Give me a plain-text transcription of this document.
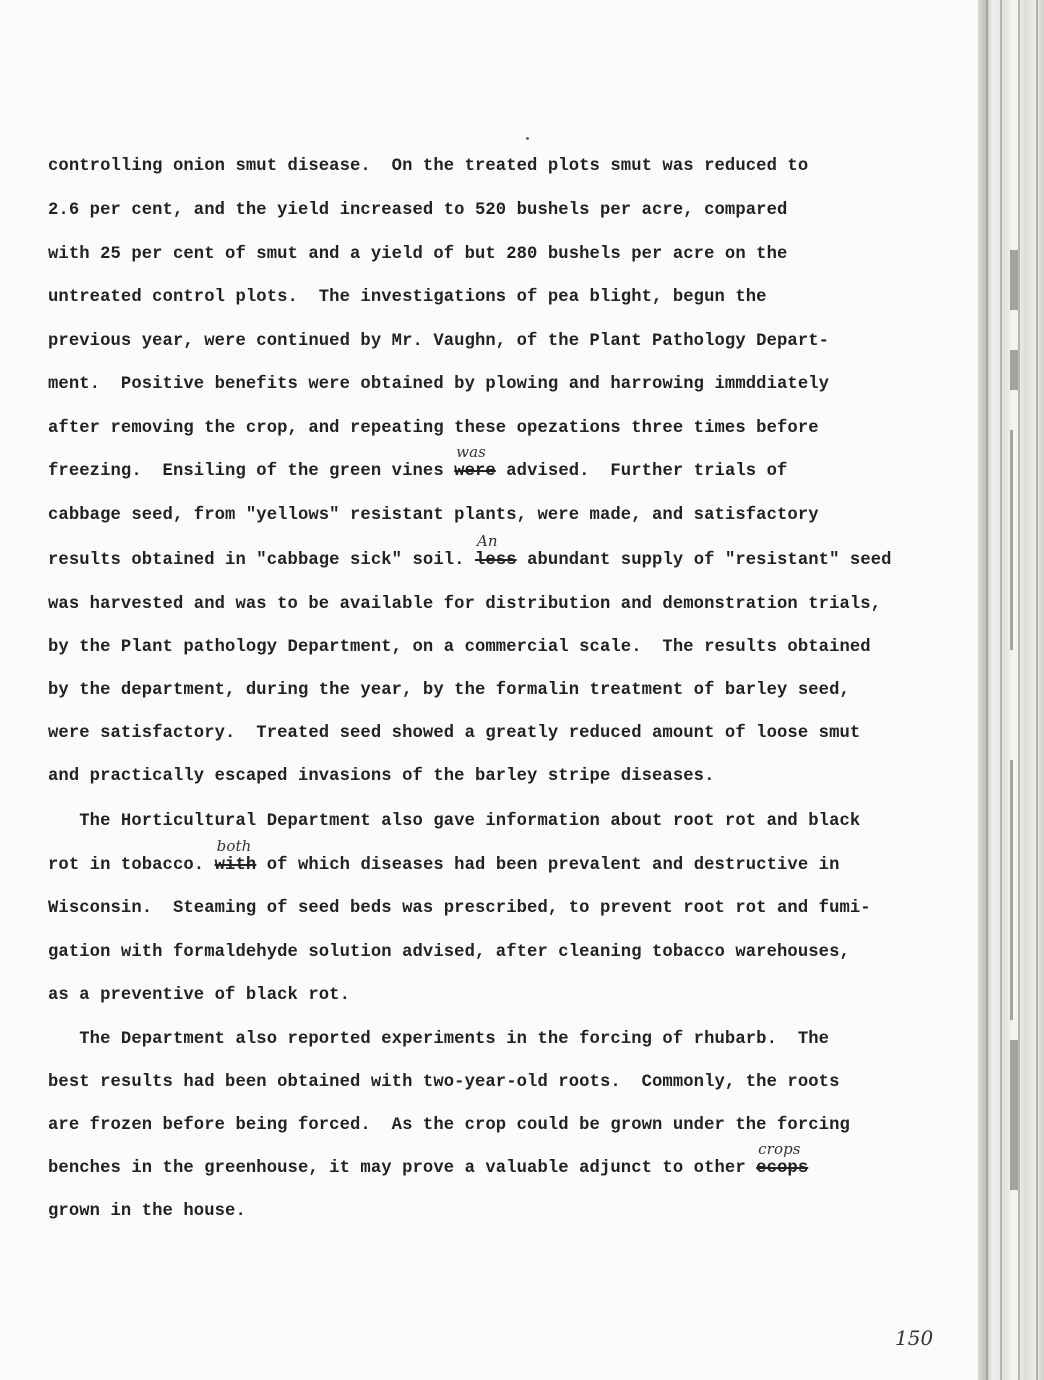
controlling onion smut disease.  On the treated plots smut was reduced to
2.6 per cent, and the yield increased to 520 bushels per acre, compared
with 25 per cent of smut and a yield of but 280 bushels per acre on the
untreated control plots.  The investigations of pea blight, begun the
previous year, were continued by Mr. Vaughn, of the Plant Pathology Depart-
ment.  Positive benefits were obtained by plowing and harrowing immddiately
after removing the crop, and repeating these opezations three times before
freezing.  Ensiling of the green vines
was
were advised.  Further trials of
cabbage seed, from "yellows" resistant plants, were made, and satisfactory
results obtained in "cabbage sick" soil.
An
less abundant supply of "resistant" seed
was harvested and was to be available for distribution and demonstration trials,
by the Plant pathology Department, on a commercial scale.  The results obtained
by the department, during the year, by the formalin treatment of barley seed,
were satisfactory.  Treated seed showed a greatly reduced amount of loose smut
and practically escaped invasions of the barley stripe diseases.
The Horticultural Department also gave information about root rot and black
rot in tobacco.
both
with of which diseases had been prevalent and destructive in
Wisconsin.  Steaming of seed beds was prescribed, to prevent root rot and fumi-
gation with formaldehyde solution advised, after cleaning tobacco warehouses,
as a preventive of black rot.
The Department also reported experiments in the forcing of rhubarb.  The
best results had been obtained with two-year-old roots.  Commonly, the roots
are frozen before being forced.  As the crop could be grown under the forcing
benches in the greenhouse, it may prove a valuable adjunct to other
crops
ecops
grown in the house.
150
